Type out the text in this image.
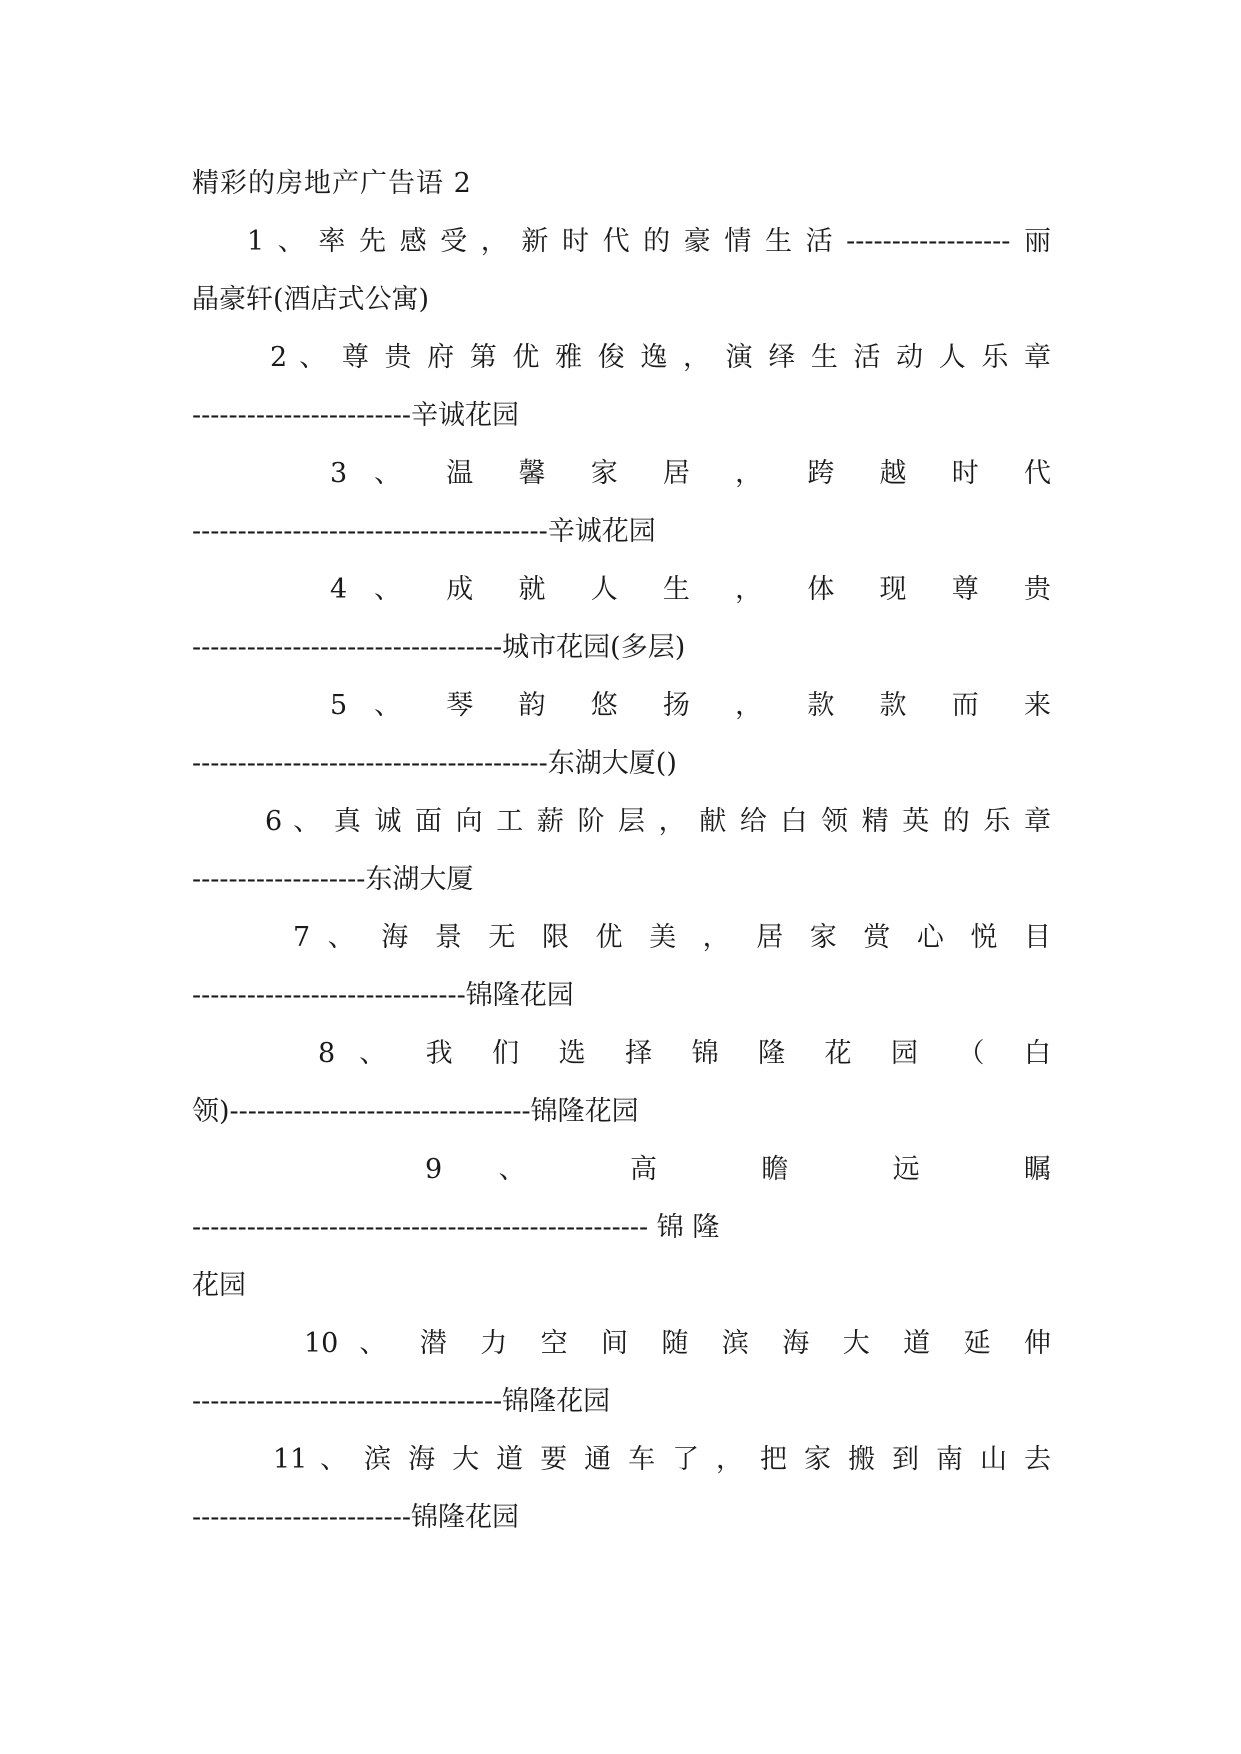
精彩的房地产广告语 2
1、率先感受，新时代的豪情生活------------------丽
晶豪轩(酒店式公寓)
2 、 尊 贵 府 第 优 雅 俊 逸 ， 演 绎 生 活 动 人 乐 章
------------------------辛诚花园
3 、 温 馨 家 居 ， 跨 越 时 代
---------------------------------------辛诚花园
4 、 成 就 人 生 ， 体 现 尊 贵
----------------------------------城市花园(多层)
5 、 琴 韵 悠 扬 ， 款 款 而 来
---------------------------------------东湖大厦()
6 、 真 诚 面 向 工 薪 阶 层 ， 献 给 白 领 精 英 的 乐 章
-------------------东湖大厦
7 、 海 景 无 限 优 美 ， 居 家 赏 心 悦 目
------------------------------锦隆花园
8 、 我 们 选 择 锦 隆 花 园 （ 白
领)---------------------------------锦隆花园
9 、 高 瞻 远 瞩
-------------------------------------------------- 锦 隆
花园
10 、 潜 力 空 间 随 滨 海 大 道 延 伸
----------------------------------锦隆花园
11 、 滨 海 大 道 要 通 车 了 ， 把 家 搬 到 南 山 去
------------------------锦隆花园
